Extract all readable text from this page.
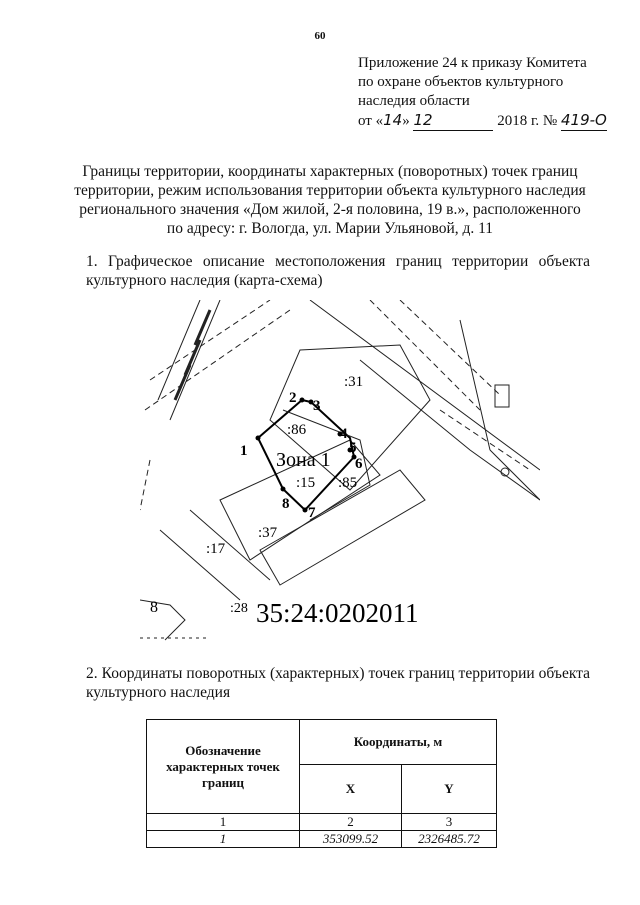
60
Приложение 24 к приказу Комитета
по охране объектов культурного
наследия области
от «14» 12	2018 г. № 419-О
Границы территории, координаты характерных (поворотных) точек границ
территории, режим использования территории объекта культурного наследия
регионального значения «Дом жилой, 2-я половина, 19 в.», расположенного
по адресу: г. Вологда, ул. Марии Ульяновой, д. 11
1. Графическое описание местоположения границ территории объекта культурного наследия (карта-схема)
:31
:86
:15 :85
:37
:17
:28
8
1
2 3
4
5
6
7
8
Зона 1
35:24:0202011
2. Координаты поворотных (характерных) точек границ территории объекта культурного наследия
Обозначение характерных точек границ	Координаты, м	
	X	Y
1	2	3
1	353099.52	2326485.72
